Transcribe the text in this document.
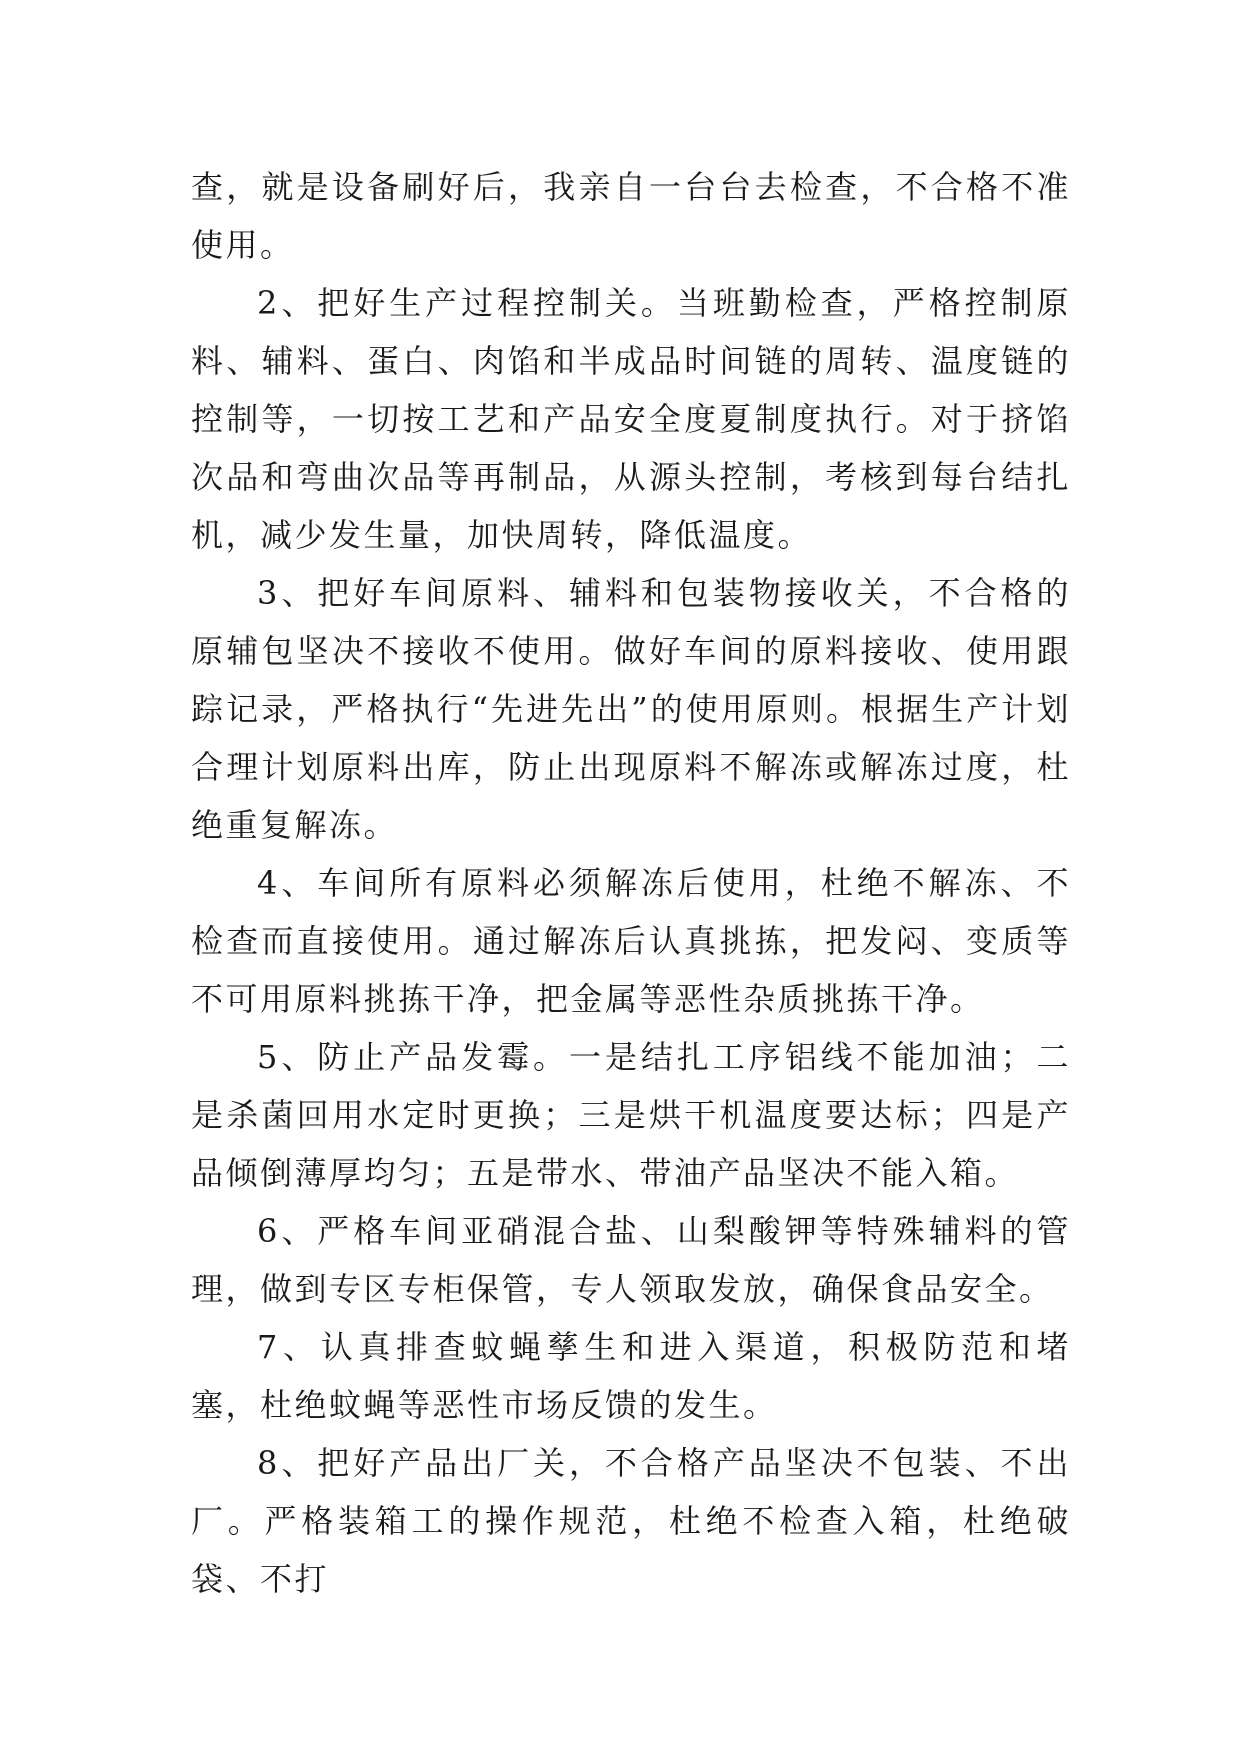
查，就是设备刷好后，我亲自一台台去检查，不合格不准使用。

2、把好生产过程控制关。当班勤检查，严格控制原料、辅料、蛋白、肉馅和半成品时间链的周转、温度链的控制等，一切按工艺和产品安全度夏制度执行。对于挤馅次品和弯曲次品等再制品，从源头控制，考核到每台结扎机，减少发生量，加快周转，降低温度。

3、把好车间原料、辅料和包装物接收关，不合格的原辅包坚决不接收不使用。做好车间的原料接收、使用跟踪记录，严格执行“先进先出”的使用原则。根据生产计划合理计划原料出库，防止出现原料不解冻或解冻过度，杜绝重复解冻。

4、车间所有原料必须解冻后使用，杜绝不解冻、不检查而直接使用。通过解冻后认真挑拣，把发闷、变质等不可用原料挑拣干净，把金属等恶性杂质挑拣干净。

5、防止产品发霉。一是结扎工序铝线不能加油；二是杀菌回用水定时更换；三是烘干机温度要达标；四是产品倾倒薄厚均匀；五是带水、带油产品坚决不能入箱。

6、严格车间亚硝混合盐、山梨酸钾等特殊辅料的管理，做到专区专柜保管，专人领取发放，确保食品安全。

7、认真排查蚊蝇孳生和进入渠道，积极防范和堵塞，杜绝蚊蝇等恶性市场反馈的发生。

8、把好产品出厂关，不合格产品坚决不包装、不出厂。严格装箱工的操作规范，杜绝不检查入箱，杜绝破袋、不打
